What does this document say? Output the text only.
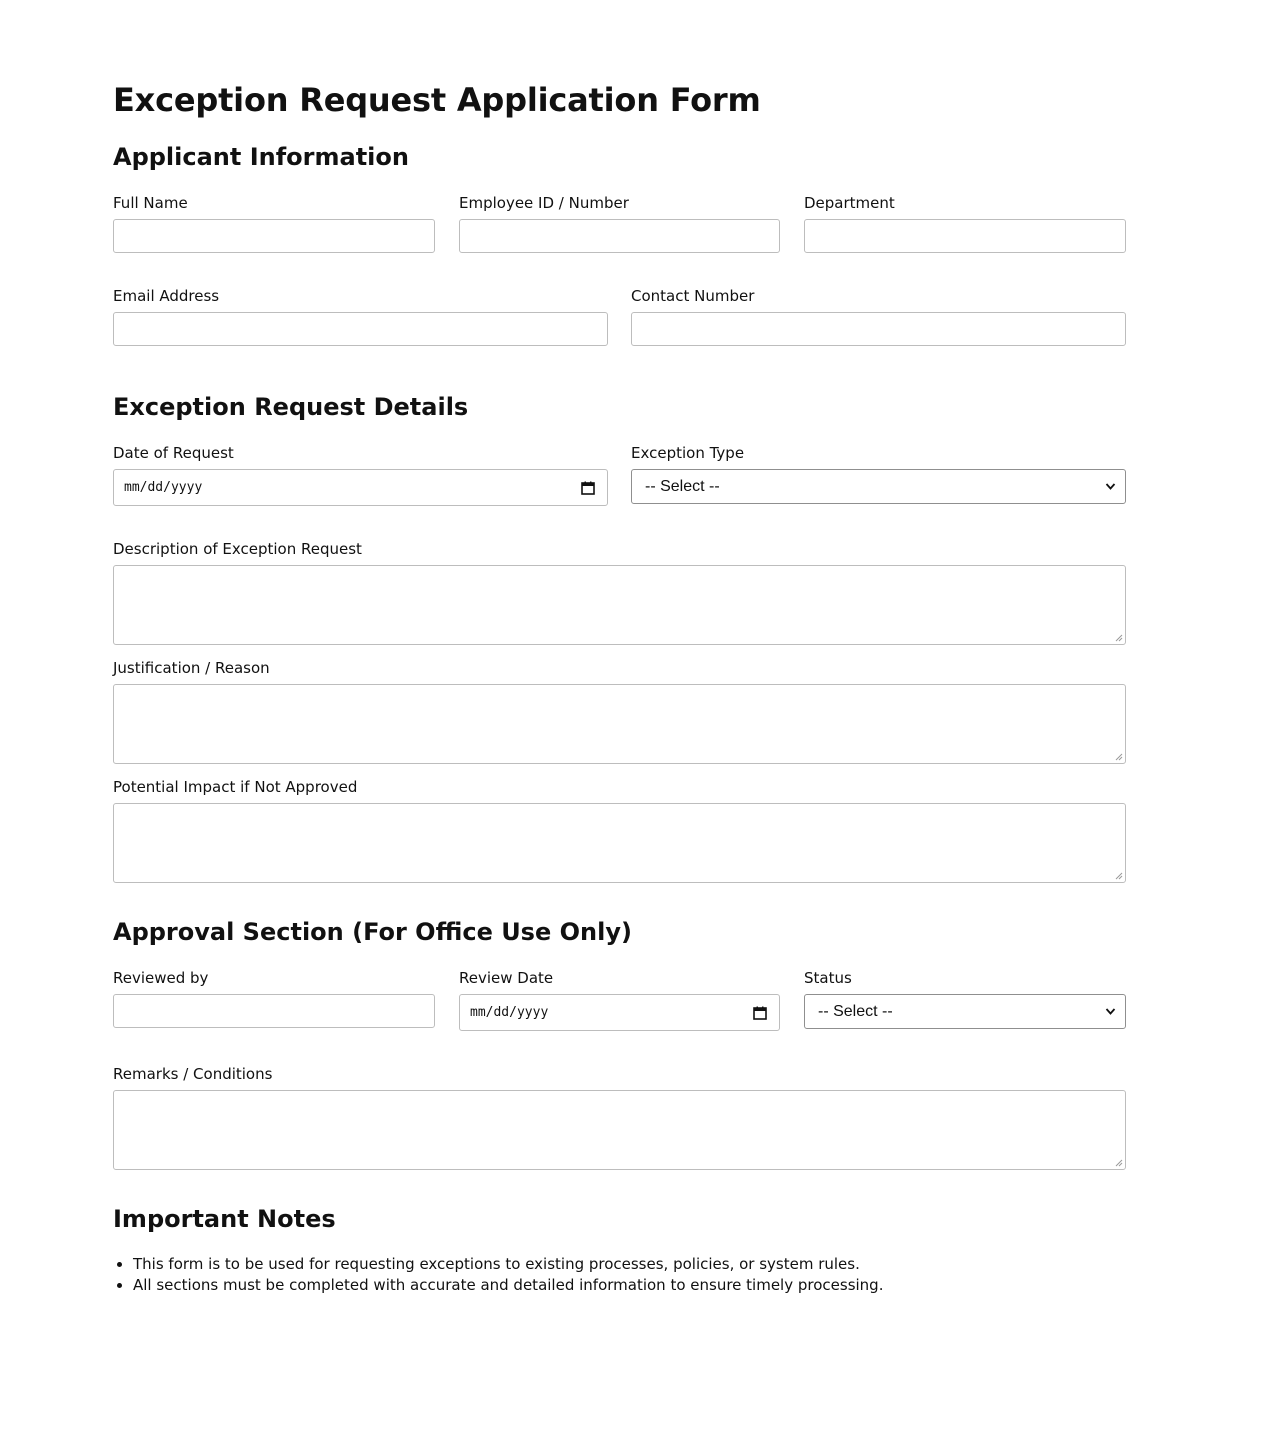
Exception Request Application Form
Applicant Information
Full Name	Employee ID / Number	Department
Email Address	Contact Number
Exception Request Details
Date of Request
mm/dd/yyyy
Exception Type
-- Select --
Description of Exception Request
Justification / Reason
Potential Impact if Not Approved
Approval Section (For Office Use Only)
Reviewed by	Review Date
mm/dd/yyyy
Status
-- Select --
Remarks / Conditions
Important Notes
• This form is to be used for requesting exceptions to existing processes, policies, or system rules.
• All sections must be completed with accurate and detailed information to ensure timely processing.
